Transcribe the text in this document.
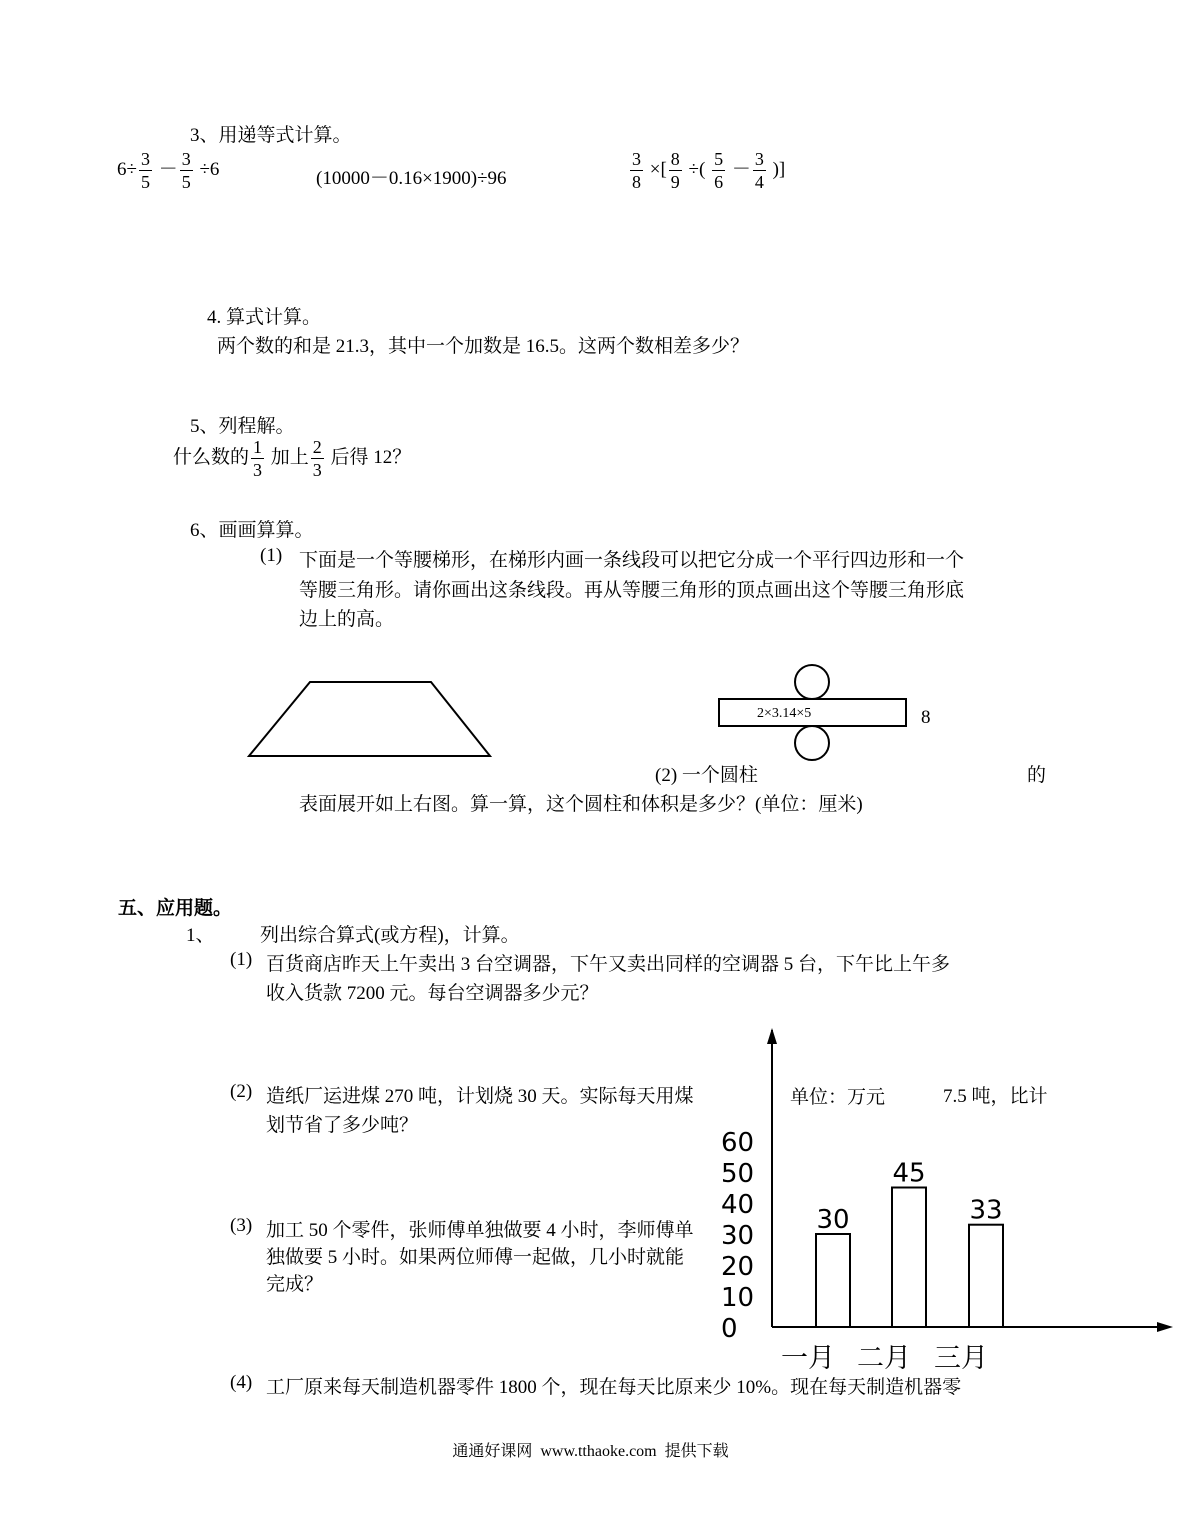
3、用递等式计算。
$6\div \frac{3}{5} - \frac{3}{5} \div 6$	(10000－0.16×1900)÷96	$\frac{3}{8}$ ×[ $\frac{8}{9}$ ÷( $\frac{5}{6} - \frac{3}{4}$ )]
4. 算式计算。
两个数的和是 21.3，其中一个加数是 16.5。这两个数相差多少？
5、列程解。
什么数的 $\frac{1}{3}$ 加上 $\frac{2}{3}$ 后得 12？
6、画画算算。
(1) 下面是一个等腰梯形，在梯形内画一条线段可以把它分成一个平行四边形和一个
等腰三角形。请你画出这条线段。再从等腰三角形的顶点画出这个等腰三角形底
边上的高。
2×3.14×5	8
(2) 一个圆柱	的
表面展开如上右图。算一算，这个圆柱和体积是多少？(单位：厘米)
五、应用题。
1、 列出综合算式(或方程)，计算。
(1) 百货商店昨天上午卖出 3 台空调器，下午又卖出同样的空调器 5 台，下午比上午多
收入货款 7200 元。每台空调器多少元？
(2) 造纸厂运进煤 270 吨，计划烧 30 天。实际每天用煤	7.5 吨，比计
划节省了多少吨？
(3) 加工 50 个零件，张师傅单独做要 4 小时，李师傅单
独做要 5 小时。如果两位师傅一起做，几小时就能
完成？
单位：万元
0
10
20
30
40
50
60
30
一月
45
二月
33
三月
(4) 工厂原来每天制造机器零件 1800 个，现在每天比原来少 10%。现在每天制造机器零
通通好课网  www.tthaoke.com  提供下载
